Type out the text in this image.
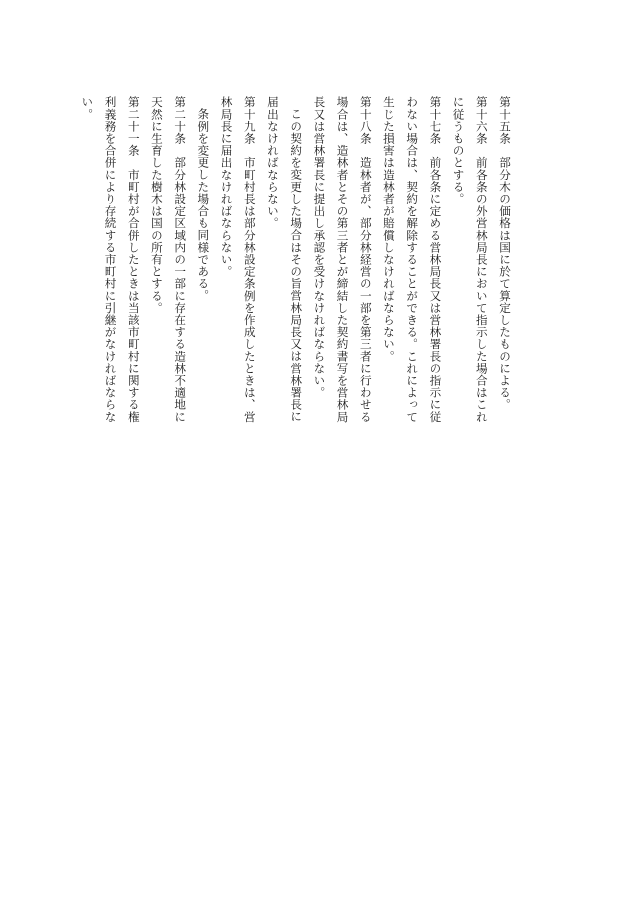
第十五条　部分木の価格は国に於て算定したものによる。

第十六条　前各条の外営林局長において指示した場合はこれに従うものとする。

第十七条　前各条に定める営林局長又は営林署長の指示に従わない場合は、契約を解除することができる。これによって生じた損害は造林者が賠償しなければならない。

第十八条　造林者が、部分林経営の一部を第三者に行わせる場合は、造林者とその第三者とが締結した契約書写を営林局長又は営林署長に提出し承認を受けなければならない。

この契約を変更した場合はその旨営林局長又は営林署長に届出なければならない。

第十九条　市町村長は部分林設定条例を作成したときは、営林局長に届出なければならない。

条例を変更した場合も同様である。

第二十条　部分林設定区域内の一部に存在する造林不適地に天然に生育した樹木は国の所有とする。

第二十一条　市町村が合併したときは当該市町村に関する権利義務を合併により存続する市町村に引継がなければならない。
